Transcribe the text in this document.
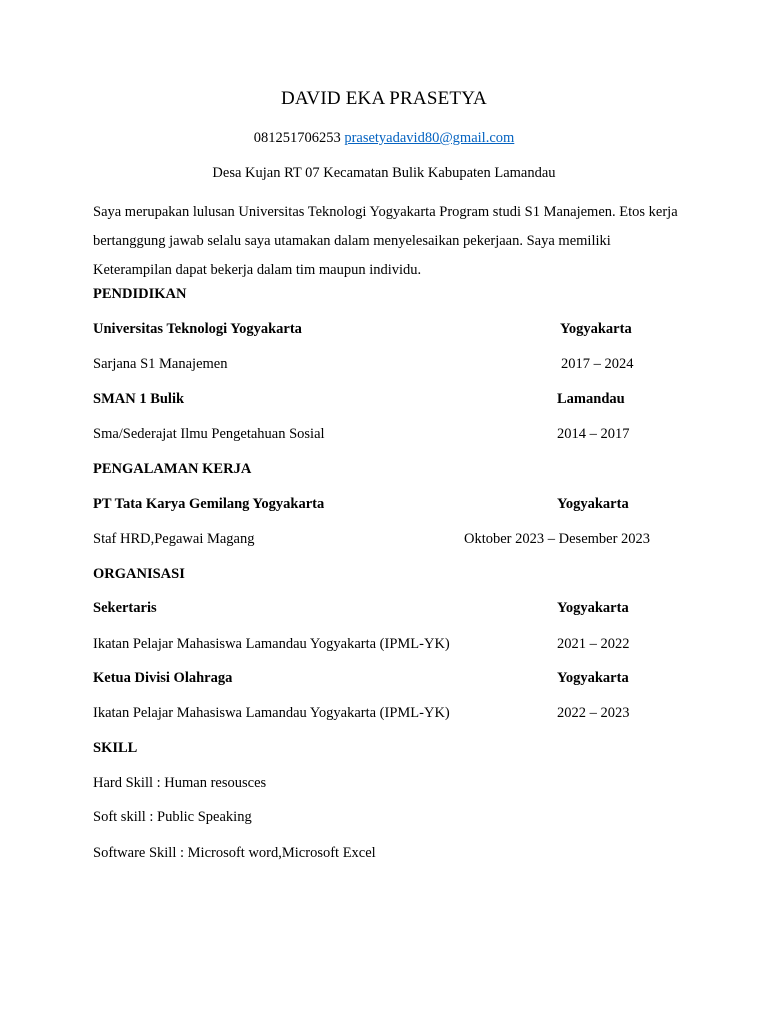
DAVID EKA PRASETYA
081251706253 prasetyadavid80@gmail.com
Desa Kujan RT 07 Kecamatan Bulik Kabupaten Lamandau
Saya merupakan lulusan Universitas Teknologi Yogyakarta Program studi S1 Manajemen. Etos kerja bertanggung jawab selalu saya utamakan dalam menyelesaikan pekerjaan. Saya memiliki Keterampilan dapat bekerja dalam tim maupun individu.
PENDIDIKAN
Universitas Teknologi Yogyakarta	Yogyakarta
Sarjana S1 Manajemen	2017 – 2024
SMAN 1 Bulik	Lamandau
Sma/Sederajat Ilmu Pengetahuan Sosial	2014 – 2017
PENGALAMAN KERJA
PT Tata Karya Gemilang Yogyakarta	Yogyakarta
Staf HRD,Pegawai Magang	Oktober 2023 – Desember 2023
ORGANISASI
Sekertaris	Yogyakarta
Ikatan Pelajar Mahasiswa Lamandau Yogyakarta (IPML-YK)	2021 – 2022
Ketua Divisi Olahraga	Yogyakarta
Ikatan Pelajar Mahasiswa Lamandau Yogyakarta (IPML-YK)	2022 – 2023
SKILL
Hard Skill : Human resousces
Soft skill : Public Speaking
Software Skill : Microsoft word,Microsoft Excel
